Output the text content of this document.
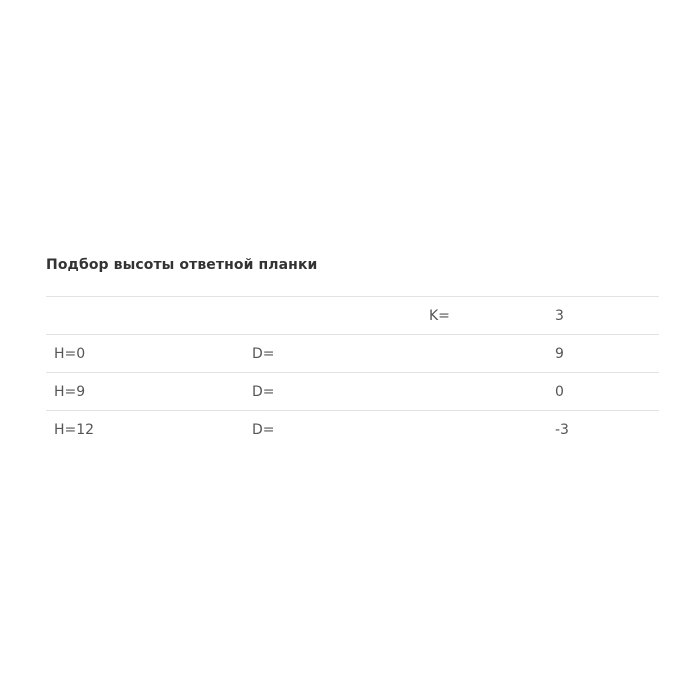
Подбор высоты ответной планки
		K=	3
H=0	D=		9
H=9	D=		0
H=12	D=		-3
